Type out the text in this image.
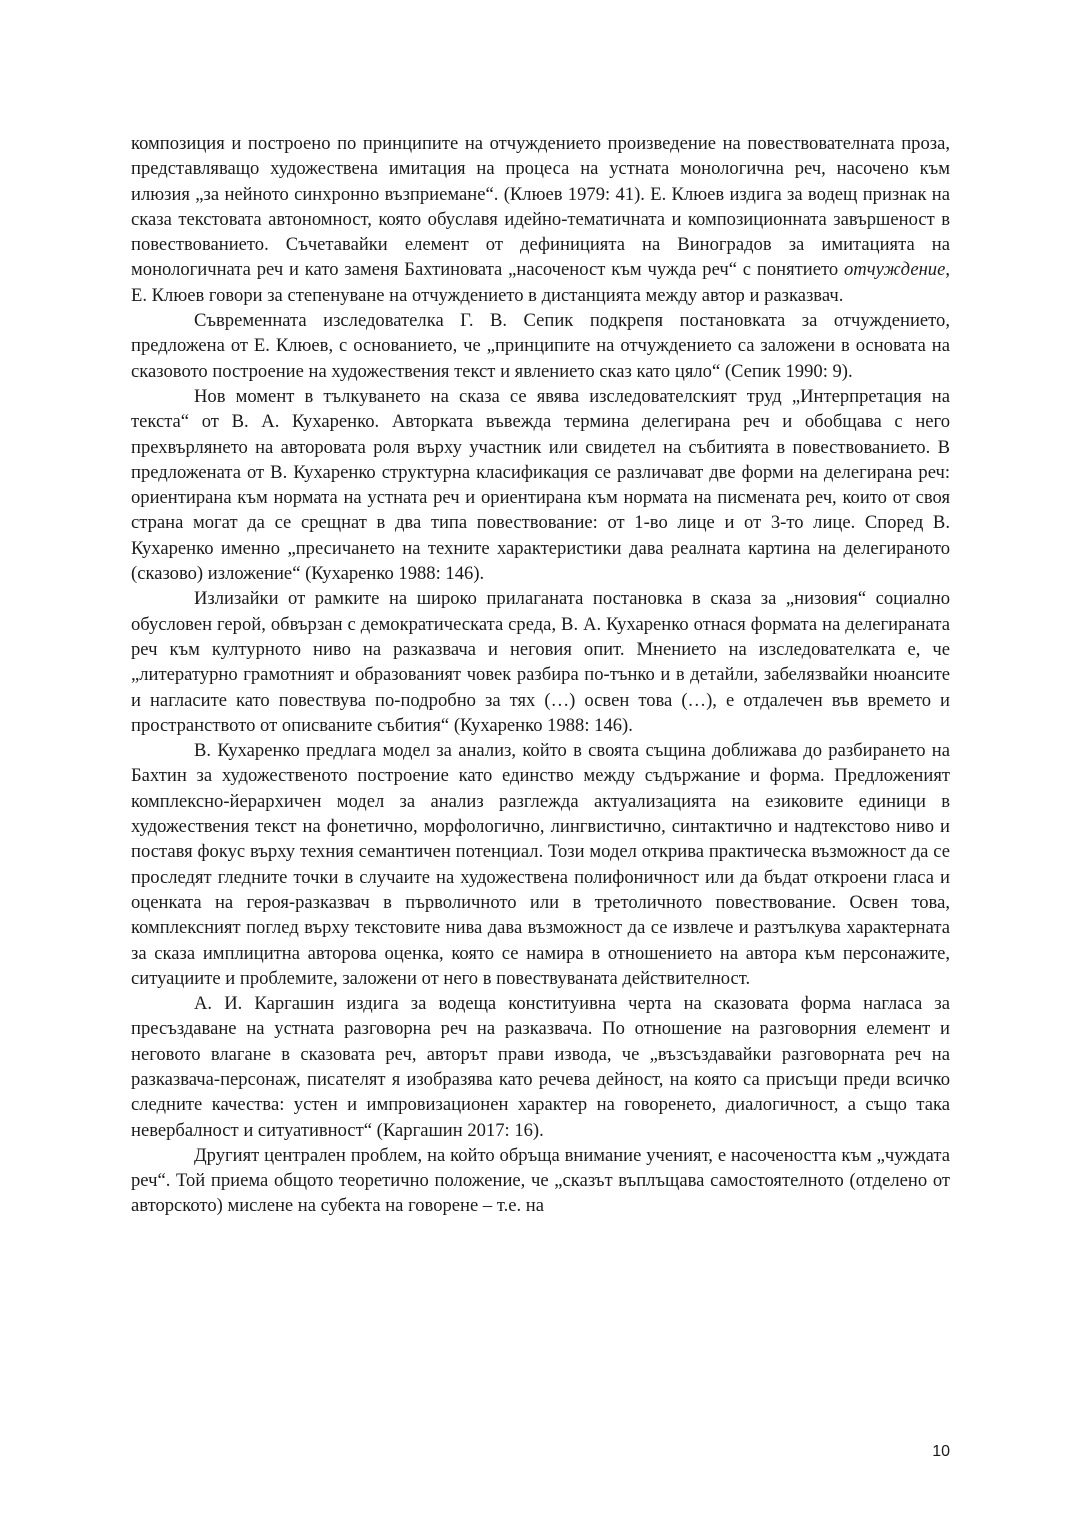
композиция и построено по принципите на отчуждението произведение на повествователната проза, представляващо художествена имитация на процеса на устната монологична реч, насочено към илюзия „за нейното синхронно възприемане“. (Клюев 1979: 41). Е. Клюев издига за водещ признак на сказа текстовата автономност, която обуславя идейно-тематичната и композиционната завършеност в повествованието. Съчетавайки елемент от дефиницията на Виноградов за имитацията на монологичната реч и като заменя Бахтиновата „насоченост към чужда реч“ с понятието отчуждение, Е. Клюев говори за степенуване на отчуждението в дистанцията между автор и разказвач.

Съвременната изследователка Г. В. Сепик подкрепя постановката за отчуждението, предложена от Е. Клюев, с основанието, че „принципите на отчуждението са заложени в основата на сказовото построение на художествения текст и явлението сказ като цяло“ (Сепик 1990: 9).

Нов момент в тълкуването на сказа се явява изследователският труд „Интерпретация на текста“ от В. А. Кухаренко. Авторката въвежда термина делегирана реч и обобщава с него прехвърлянето на авторовата роля върху участник или свидетел на събитията в повествованието. В предложената от В. Кухаренко структурна класификация се различават две форми на делегирана реч: ориентирана към нормата на устната реч и ориентирана към нормата на писмената реч, които от своя страна могат да се срещнат в два типа повествование: от 1-во лице и от 3-то лице. Според В. Кухаренко именно „пресичането на техните характеристики дава реалната картина на делегираното (сказово) изложение“ (Кухаренко 1988: 146).

Излизайки от рамките на широко прилаганата постановка в сказа за „низовия“ социално обусловен герой, обвързан с демократическата среда, В. А. Кухаренко отнася формата на делегираната реч към културното ниво на разказвача и неговия опит. Мнението на изследователката е, че „литературно грамотният и образованият човек разбира по-тънко и в детайли, забелязвайки нюансите и нагласите като повествува по-подробно за тях (…) освен това (…), е отдалечен във времето и пространството от описваните събития“ (Кухаренко 1988: 146).

В. Кухаренко предлага модел за анализ, който в своята същина доближава до разбирането на Бахтин за художественото построение като единство между съдържание и форма. Предложеният комплексно-йерархичен модел за анализ разглежда актуализацията на езиковите единици в художествения текст на фонетично, морфологично, лингвистично, синтактично и надтекстово ниво и поставя фокус върху техния семантичен потенциал. Този модел открива практическа възможност да се проследят гледните точки в случаите на художествена полифоничност или да бъдат откроени гласа и оценката на героя-разказвач в първоличното или в третоличното повествование. Освен това, комплексният поглед върху текстовите нива дава възможност да се извлече и разтълкува характерната за сказа имплицитна авторова оценка, която се намира в отношението на автора към персонажите, ситуациите и проблемите, заложени от него в повествуваната действителност.

А. И. Каргашин издига за водеща конституивна черта на сказовата форма нагласа за пресъздаване на устната разговорна реч на разказвача. По отношение на разговорния елемент и неговото влагане в сказовата реч, авторът прави извода, че „възсъздавайки разговорната реч на разказвача-персонаж, писателят я изобразява като речева дейност, на която са присъщи преди всичко следните качества: устен и импровизационен характер на говоренето, диалогичност, а също така невербалност и ситуативност“ (Каргашин 2017: 16).

Другият централен проблем, на който обръща внимание ученият, е насочеността към „чуждата реч“. Той приема общото теоретично положение, че „сказът въплъщава самостоятелното (отделено от авторското) мислене на субекта на говорене – т.е. на

10
